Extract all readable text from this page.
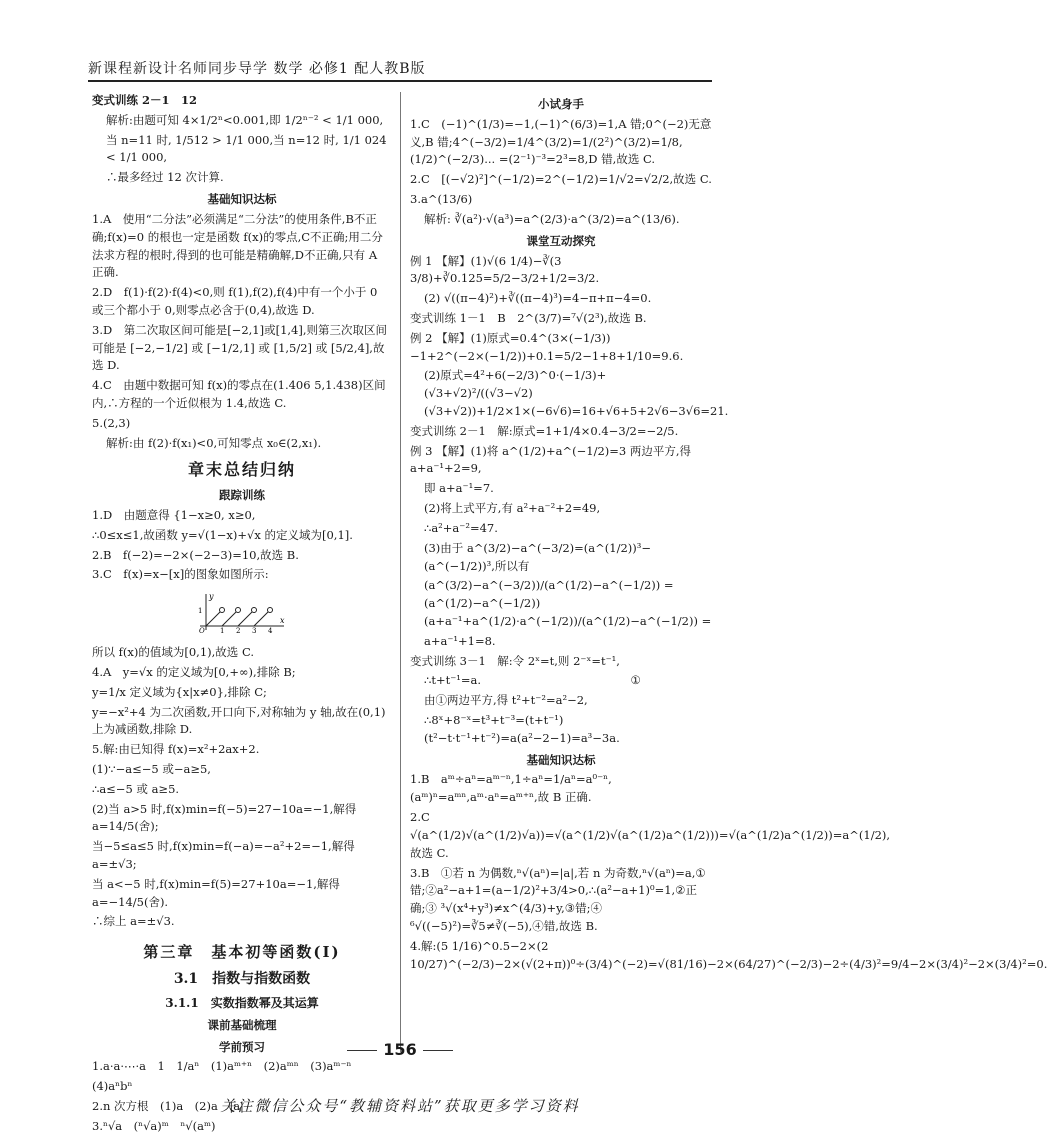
新课程新设计名师同步导学 数学 必修1 配人教B版

变式训练 2－1　12

解析:由题可知 4×1/2ⁿ<0.001,即 1/2ⁿ⁻² < 1/1 000,

当 n=11 时, 1/512 > 1/1 000,当 n=12 时, 1/1 024 < 1/1 000,

∴最多经过 12 次计算.

基础知识达标

1.A　使用“二分法”必须满足“二分法”的使用条件,B不正确;f(x)=0 的根也一定是函数 f(x)的零点,C不正确;用二分法求方程的根时,得到的也可能是精确解,D不正确,只有 A 正确.

2.D　f(1)·f(2)·f(4)<0,则 f(1),f(2),f(4)中有一个小于 0 或三个都小于 0,则零点必含于(0,4),故选 D.

3.D　第二次取区间可能是[−2,1]或[1,4],则第三次取区间可能是 [−2,−1/2] 或 [−1/2,1] 或 [1,5/2] 或 [5/2,4],故选 D.

4.C　由题中数据可知 f(x)的零点在(1.406 5,1.438)区间内,∴方程的一个近似根为 1.4,故选 C.

5.(2,3)

解析:由 f(2)·f(x₁)<0,可知零点 x₀∈(2,x₁).

章末总结归纳
跟踪训练

1.D　由题意得 {1−x≥0, x≥0,

∴0≤x≤1,故函数 y=√(1−x)+√x 的定义域为[0,1].

2.B　f(−2)=−2×(−2−3)=10,故选 B.

3.C　f(x)=x−[x]的图象如图所示:

y
x
1
O 1 2 3 4

所以 f(x)的值域为[0,1),故选 C.

4.A　y=√x 的定义域为[0,+∞),排除 B;

y=1/x 定义域为{x|x≠0},排除 C;

y=−x²+4 为二次函数,开口向下,对称轴为 y 轴,故在(0,1)上为减函数,排除 D.

5.解:由已知得 f(x)=x²+2ax+2.

(1)∵−a≤−5 或−a≥5,

∴a≤−5 或 a≥5.

(2)当 a>5 时,f(x)min=f(−5)=27−10a=−1,解得 a=14/5(舍);

当−5≤a≤5 时,f(x)min=f(−a)=−a²+2=−1,解得 a=±√3;

当 a<−5 时,f(x)min=f(5)=27+10a=−1,解得 a=−14/5(舍).

∴综上 a=±√3.

第三章　基本初等函数(Ⅰ)
3.1　指数与指数函数
3.1.1　实数指数幂及其运算
课前基础梳理
学前预习

1.a·a·⋯·a　1　1/aⁿ　(1)aᵐ⁺ⁿ　(2)aᵐⁿ　(3)aᵐ⁻ⁿ

(4)aⁿbⁿ

2.n 次方根　(1)a　(2)a　|a|

3.ⁿ√a　(ⁿ√a)ᵐ　ⁿ√(aᵐ)

小试身手

1.C　(−1)^(1/3)=−1,(−1)^(6/3)=1,A 错;0^(−2)无意义,B 错;4^(−3/2)=1/4^(3/2)=1/(2²)^(3/2)=1/8,(1/2)^(−2/3)... =(2⁻¹)⁻³=2³=8,D 错,故选 C.

2.C　[(−√2)²]^(−1/2)=2^(−1/2)=1/√2=√2/2,故选 C.

3.a^(13/6)

解析: ∛(a²)·√(a³)=a^(2/3)·a^(3/2)=a^(13/6).

课堂互动探究

例 1 【解】(1)√(6 1/4)−∛(3 3/8)+∛0.125=5/2−3/2+1/2=3/2.

(2) √((π−4)²)+∛((π−4)³)=4−π+π−4=0.

变式训练 1－1　B　2^(3/7)=⁷√(2³),故选 B.

例 2 【解】(1)原式=0.4^(3×(−1/3))−1+2^(−2×(−1/2))+0.1=5/2−1+8+1/10=9.6.

(2)原式=4²+6(−2/3)^0·(−1/3)+(√3+√2)²/((√3−√2)(√3+√2))+1/2×1×(−6√6)=16+√6+5+2√6−3√6=21.

变式训练 2－1　解:原式=1+1/4×0.4−3/2=−2/5.

例 3 【解】(1)将 a^(1/2)+a^(−1/2)=3 两边平方,得 a+a⁻¹+2=9,

即 a+a⁻¹=7.

(2)将上式平方,有 a²+a⁻²+2=49,

∴a²+a⁻²=47.

(3)由于 a^(3/2)−a^(−3/2)=(a^(1/2))³−(a^(−1/2))³,所以有

(a^(3/2)−a^(−3/2))/(a^(1/2)−a^(−1/2)) = (a^(1/2)−a^(−1/2))(a+a⁻¹+a^(1/2)·a^(−1/2))/(a^(1/2)−a^(−1/2)) =

a+a⁻¹+1=8.

变式训练 3－1　解:令 2ˣ=t,则 2⁻ˣ=t⁻¹,

∴t+t⁻¹=a.　　　　　　　　　　　　　①

由①两边平方,得 t²+t⁻²=a²−2,

∴8ˣ+8⁻ˣ=t³+t⁻³=(t+t⁻¹)(t²−t·t⁻¹+t⁻²)=a(a²−2−1)=a³−3a.

基础知识达标

1.B　aᵐ÷aⁿ=aᵐ⁻ⁿ,1÷aⁿ=1/aⁿ=a⁰⁻ⁿ,(aᵐ)ⁿ=aᵐⁿ,aᵐ·aⁿ=aᵐ⁺ⁿ,故 B 正确.

2.C　√(a^(1/2)√(a^(1/2)√a))=√(a^(1/2)√(a^(1/2)a^(1/2)))=√(a^(1/2)a^(1/2))=a^(1/2),故选 C.

3.B　①若 n 为偶数,ⁿ√(aⁿ)=|a|,若 n 为奇数,ⁿ√(aⁿ)=a,①错;②a²−a+1=(a−1/2)²+3/4>0,∴(a²−a+1)⁰=1,②正确;③ ³√(x⁴+y³)≠x^(4/3)+y,③错;④ ⁶√((−5)²)=∛5≠∛(−5),④错,故选 B.

4.解:(5 1/16)^0.5−2×(2 10/27)^(−2/3)−2×(√(2+π))⁰÷(3/4)^(−2)=√(81/16)−2×(64/27)^(−2/3)−2÷(4/3)²=9/4−2×(3/4)²−2×(3/4)²=0.

156
关注微信公众号“教辅资料站”获取更多学习资料
